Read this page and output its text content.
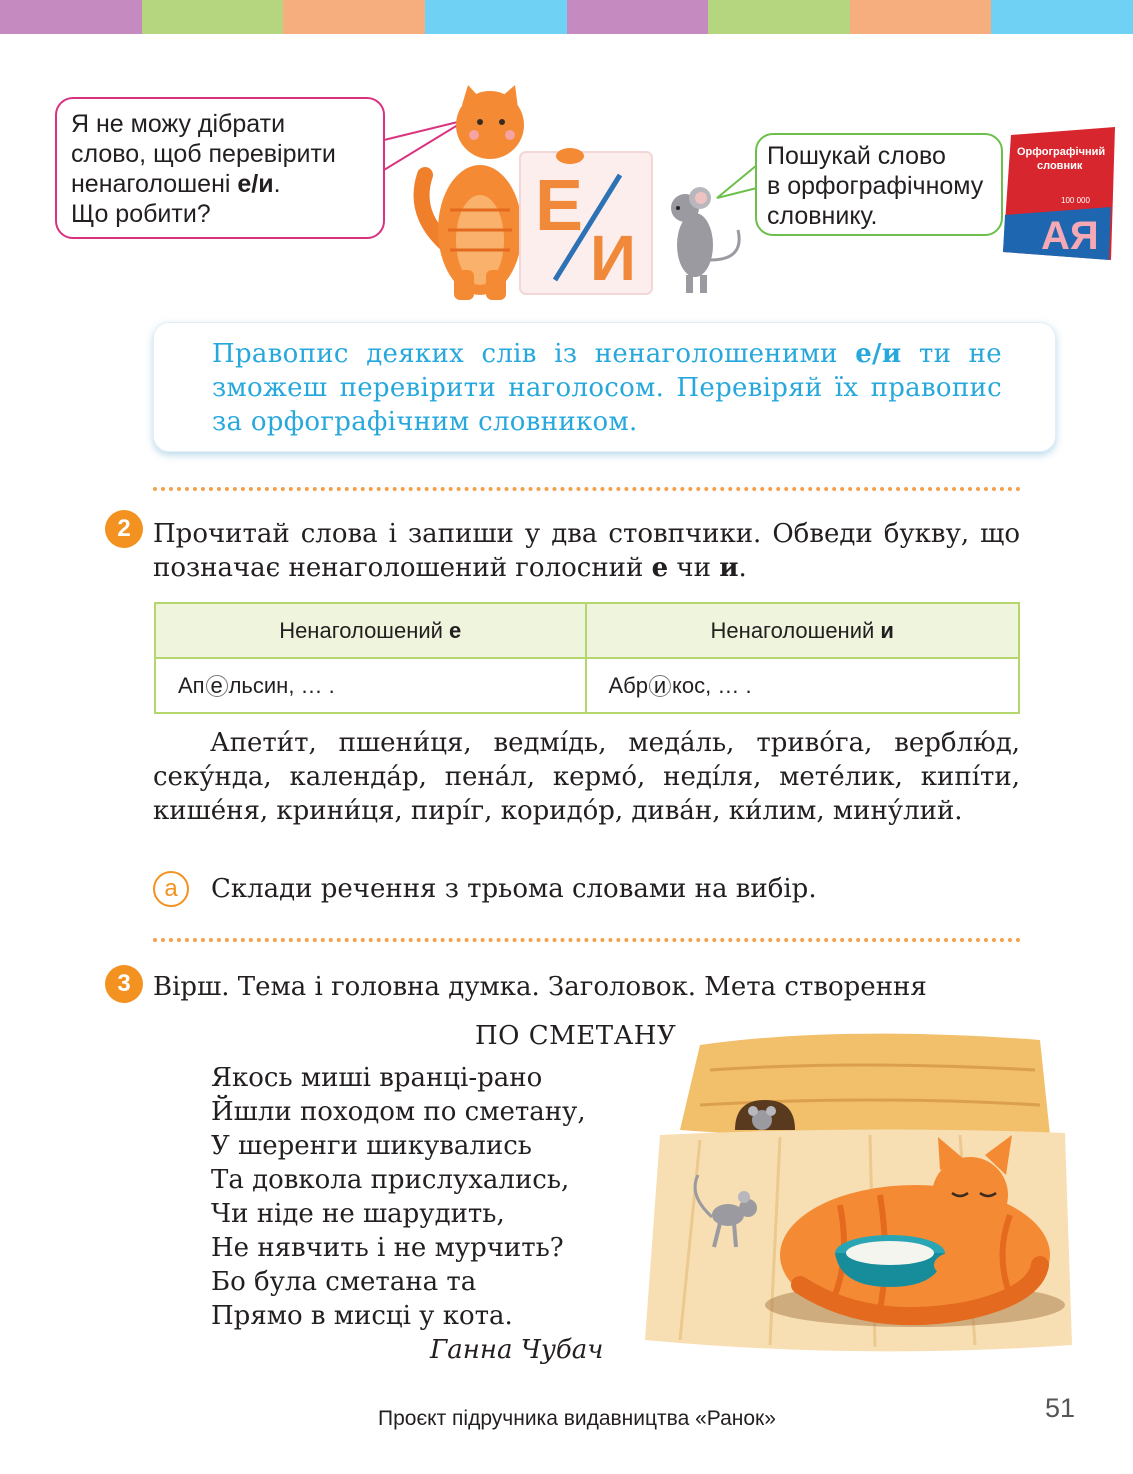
Я не можу дібрати
слово, щоб перевірити
ненаголошені е/и.
Що робити?	Е
И
Пошукай слово
в орфографічному
словнику.
Орфографічний
словник
100 000
АЯ
Правопис деяких слів із ненаголошеними е/и ти не зможеш перевірити наголосом. Перевіряй їх правопис за орфографічним словником.
2 Прочитай слова і запиши у два стовпчики. Обведи букву, що позначає ненаголошений голосний е чи и.
Ненаголошений е	Ненаголошений и
Ап е льсин, … .	Абр и кос, … .
Апети́т, пшени́ця, ведмі́дь, меда́ль, триво́га, верблю́д, секу́нда, календа́р, пена́л, кермо́, неді́ля, мете́лик, кипі́ти, кише́ня, крини́ця, пирі́г, коридо́р, дива́н, ки́лим, мину́лий.
а	Склади речення з трьома словами на вибір.
3 Вірш. Тема і головна думка. Заголовок. Мета створення
ПО СМЕТАНУ
Якось миші вранці-рано
Йшли походом по сметану,
У шеренги шикувались
Та довкола прислухались,
Чи ніде не шарудить,
Не нявчить і не мурчить?
Бо була сметана та
Прямо в мисці у кота.
Ганна Чубач
51
Проєкт підручника видавництва «Ранок»
